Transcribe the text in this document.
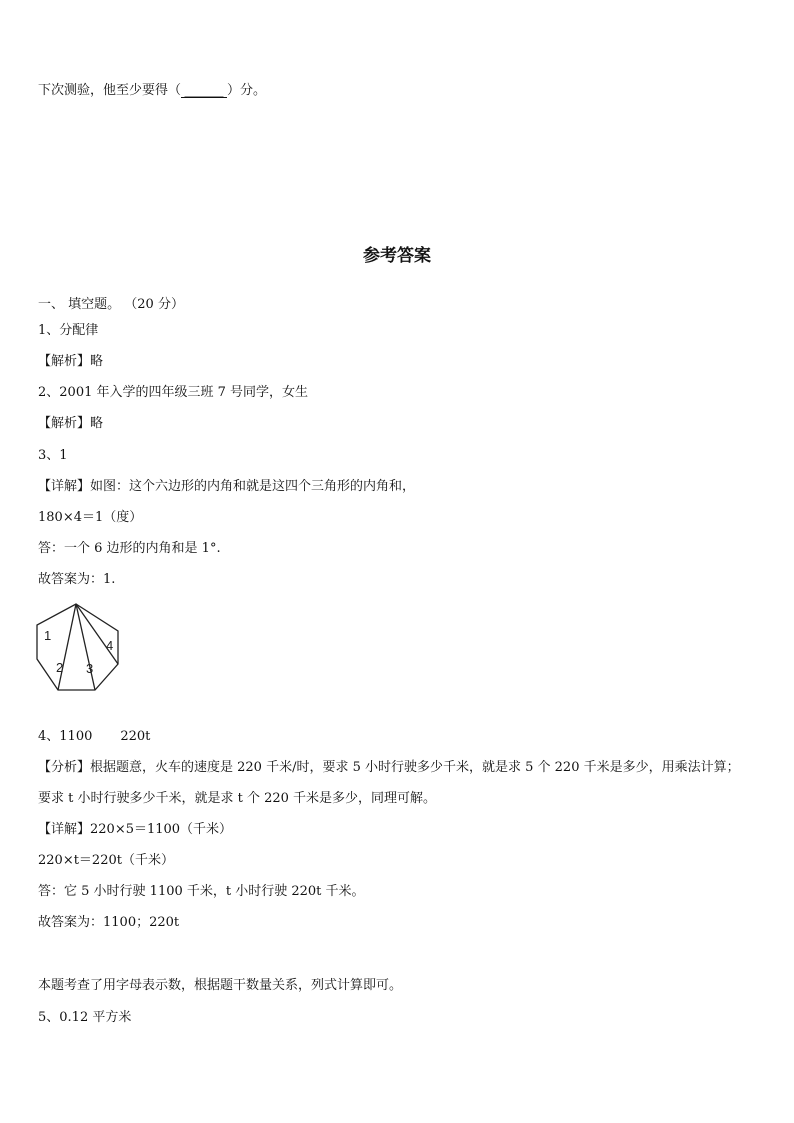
下次测验，他至少要得（ ______ ）分。
参考答案
一、 填空题。 （20 分）
1、分配律
【解析】略
2、2001 年入学的四年级三班 7 号同学，女生
【解析】略
3、1
【详解】如图：这个六边形的内角和就是这四个三角形的内角和，
180×4＝1（度）
答：一个 6 边形的内角和是 1°.
故答案为：1.
1
2 3
4
4、1100 220t
【分析】根据题意，火车的速度是 220 千米/时，要求 5 小时行驶多少千米，就是求 5 个 220 千米是多少，用乘法计算；
要求 t 小时行驶多少千米，就是求 t 个 220 千米是多少，同理可解。
【详解】220×5＝1100（千米）
220×t＝220t（千米）
答：它 5 小时行驶 1100 千米，t 小时行驶 220t 千米。
故答案为：1100；220t
本题考查了用字母表示数，根据题干数量关系，列式计算即可。
5、0.12 平方米
